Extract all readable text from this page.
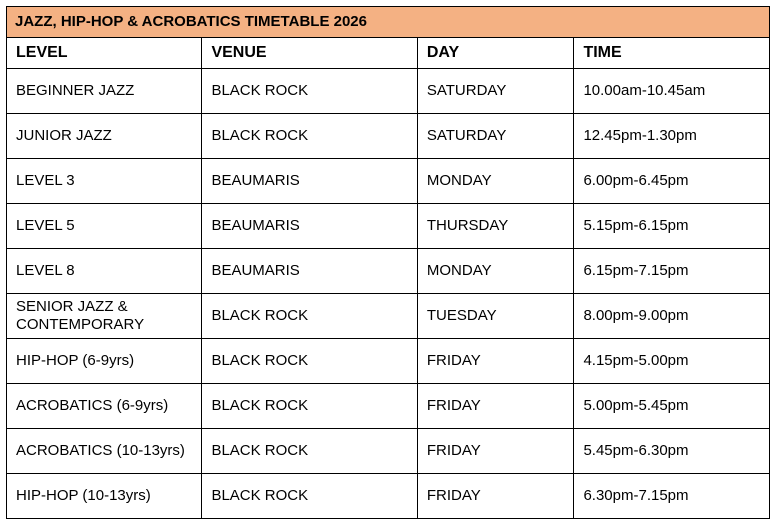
JAZZ, HIP-HOP & ACROBATICS TIMETABLE 2026			
LEVEL	VENUE	DAY	TIME
BEGINNER JAZZ	BLACK ROCK	SATURDAY	10.00am-10.45am
JUNIOR JAZZ	BLACK ROCK	SATURDAY	12.45pm-1.30pm
LEVEL 3	BEAUMARIS	MONDAY	6.00pm-6.45pm
LEVEL 5	BEAUMARIS	THURSDAY	5.15pm-6.15pm
LEVEL 8	BEAUMARIS	MONDAY	6.15pm-7.15pm
SENIOR JAZZ & CONTEMPORARY	BLACK ROCK	TUESDAY	8.00pm-9.00pm
HIP-HOP (6-9yrs)	BLACK ROCK	FRIDAY	4.15pm-5.00pm
ACROBATICS (6-9yrs)	BLACK ROCK	FRIDAY	5.00pm-5.45pm
ACROBATICS (10-13yrs)	BLACK ROCK	FRIDAY	5.45pm-6.30pm
HIP-HOP (10-13yrs)	BLACK ROCK	FRIDAY	6.30pm-7.15pm
